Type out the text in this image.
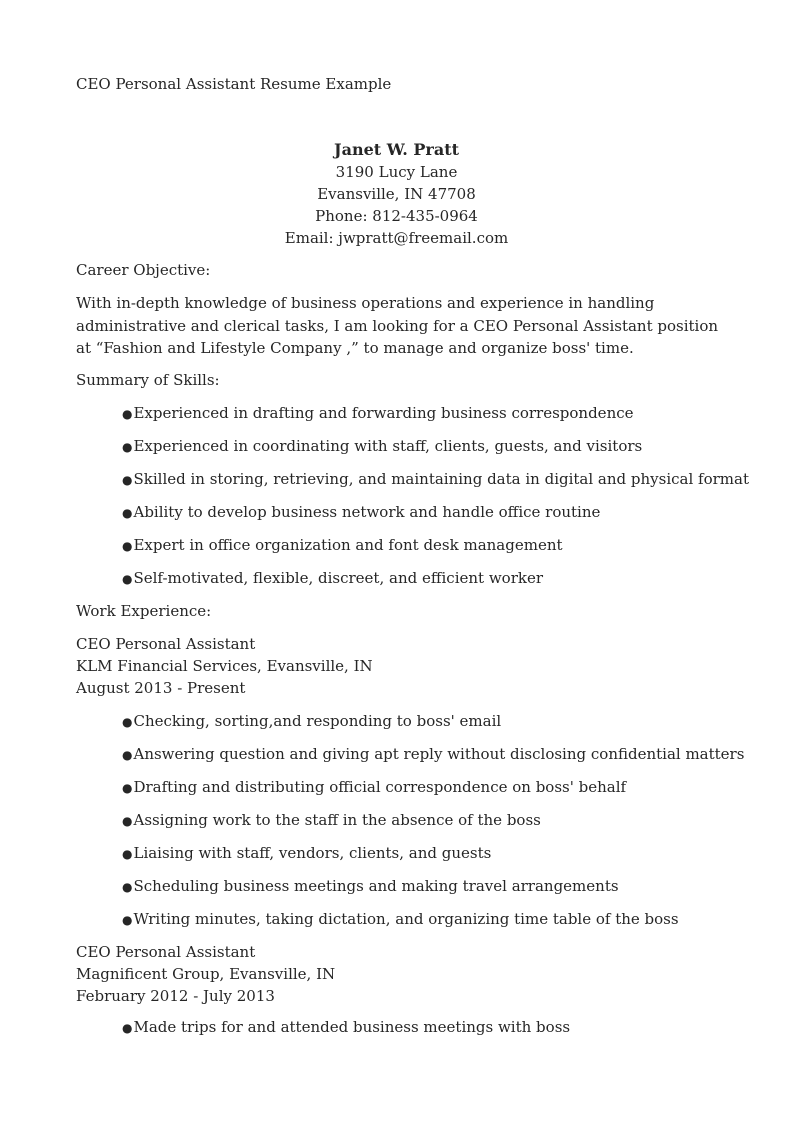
CEO Personal Assistant Resume Example

Janet W. Pratt

3190 Lucy Lane

Evansville, IN 47708

Phone: 812-435-0964

Email: jwpratt@freemail.com

Career Objective:

With in-depth knowledge of business operations and experience in handling administrative and clerical tasks, I am looking for a CEO Personal Assistant position at “Fashion and Lifestyle Company ,” to manage and organize boss' time.

Summary of Skills:

●Experienced in drafting and forwarding business correspondence

●Experienced in coordinating with staff, clients, guests, and visitors

●Skilled in storing, retrieving, and maintaining data in digital and physical format

●Ability to develop business network and handle office routine

●Expert in office organization and font desk management

●Self-motivated, flexible, discreet, and efficient worker

Work Experience:

CEO Personal Assistant

KLM Financial Services, Evansville, IN

August 2013 - Present

●Checking, sorting,and responding to boss' email

●Answering question and giving apt reply without disclosing confidential matters

●Drafting and distributing official correspondence on boss' behalf

●Assigning work to the staff in the absence of the boss

●Liaising with staff, vendors, clients, and guests

●Scheduling business meetings and making travel arrangements

●Writing minutes, taking dictation, and organizing time table of the boss

CEO Personal Assistant

Magnificent Group, Evansville, IN

February 2012 - July 2013

●Made trips for and attended business meetings with boss
